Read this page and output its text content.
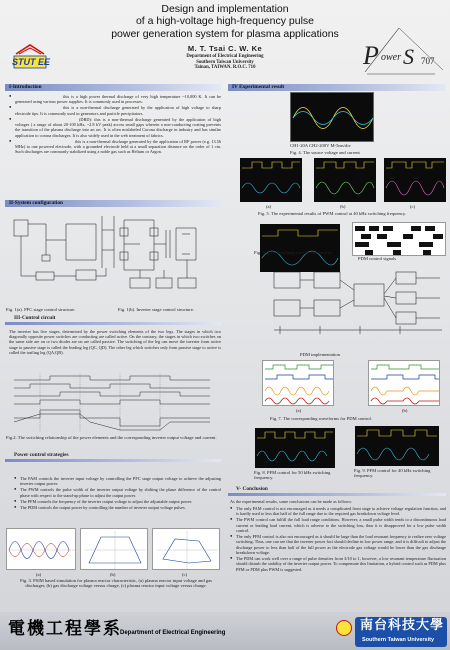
Design and implementation
of a high-voltage high-frequency pulse
power generation system for plasma applications
STUT EE
M. T. Tsai C. W. Ke
Department of Electrical Engineering
Southern Taiwan University
Tainan, TAIWAN. R.O.C. 710	P ower S 707
I-Introduction
● this is a high power thermal discharge of very high temperature ~10,000 K. It can be generated using various power supplies. It is commonly used in processes.
● this is a non-thermal discharge generated by the application of high voltage to sharp electrode tips. It is commonly used in generators and particle precipitators.
● (DBD): this is a non-thermal discharge generated by the application of high voltages ( a range of about 20-100 kHz, ~2.8 kV peak) across small gaps wherein a non-conducting coating prevents the transition of the plasma discharge into an arc. It is often mislabeled Corona discharge in industry and has similar application to corona discharges. It is also widely used in the web treatment of fabrics.
● this is a non-thermal discharge generated by the application of RF power (e.g. 13.56 MHz) to one powered electrode, with a grounded electrode held at a small separation distance on the order of 1 cm. Such discharges are commonly stabilized using a noble gas such as Helium or Argon.
II-System configuration
Fig. 1(a). PFC stage control structure.	Fig. 1(b). Inverter stage control structure.
III-Control circuit
The inverter has five stages, determined by the power switching elements of the two legs. The stages in which two diagonally opposite power switches are conducting are called active. On the contrary, the stages in which two switches on the same side are on or two diodes are on are called passive. The switching of the leg can move the inverter from active stage to passive stage is called the leading leg (QC, QD). The other leg which switches only from passive stage to active is called the trailing leg (QA,QB).
Fig.2. The switching relationship of the power elements and the corresponding inverter output voltage and current.
Power control strategies
● The PAM controls the inverter input voltage by controlling the PFC stage output voltage to achieve the adjusting inverter output power.
● The PWM controls the pulse width of the inverter output voltage by shifting the phase difference of the control phase with respect to the stand-up phase to adjust the output power.
● The PFM controls the frequency of the inverter output voltage to adjust the adjustable output power.
● The PDM controls the output power by controlling the number of inverter output voltage pulses.
(a)	(b)	(c)
Fig. 3. PSIM based simulation for plasma reactor characteristic, (a) plasma reactor input voltage and gas discharger, (b) gas discharge voltage versus charge, (c) plasma reactor input voltage versus charge.
IV Experimental result
CH1-20A CH2-200V M-5ms/div
Fig. 4. The source voltage and current
(a)	(b)	(c)
Fig. 5. The experimental results of PWM control at 40 kHz switching frequency.
Fig. 6. ZVS switching case for the inverter
PDM control signals
PDM implementation
(a)	(b)
Fig. 7. The corresponding waveforms for PDM control.
Fig. 8. PFM control for 50 kHz switching frequency.
Fig. 9. PFM control for 40 kHz switching frequency.
V- Conclusion
As the experimental results, some conclusions can be made as follows:
● The only PAM control is not encouraged as it needs a complicated front stage to achieve voltage regulation function, and is hardly used to less that half of the full range due to the required gas breakdown voltage level.
● The PWM control can fulfill the full load range conditions. However, a small pulse width tends to a discontinuous load current or leading load current, which is adverse to the switching loss, thus it is disapproved for a low pulse width control.
● The only PFM control is also not encouraged as it should be large than the load resonant frequency to realize zero voltage switching. Thus, one can see that the inverter power fact should decline in low power range, and it is difficult to adjust the discharge power to less than half of the full power as the electrode gas voltage would be lower than the gas discharge breakdown voltage.
● The PDM can work well over a range of pulse densities from 3/10 to 1, however, a low resonant temperature fluctuation should disturb the stability of the inverter output power. To compensate this limitation, a hybrid control such as PDM plus PFM or PDM plus PWM is suggested.
電機工程學系
Department of Electrical Engineering	南台科技大學
Southern Taiwan University
